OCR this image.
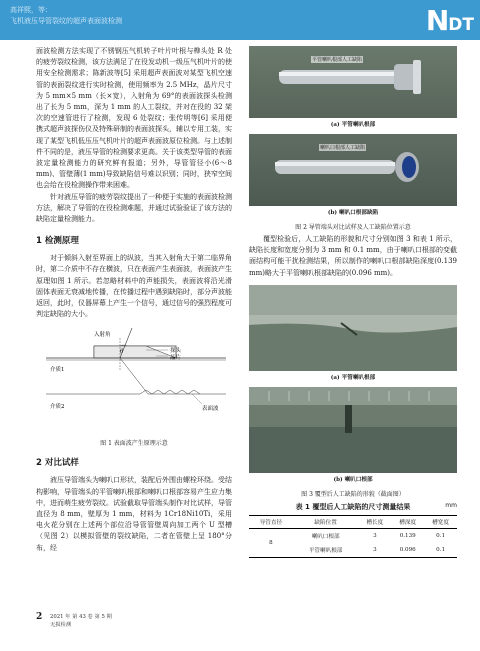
高祥熙，等：
飞机液压导管裂纹的超声表面波检测	N DT

面波检测方法实现了不锈钢压气机转子叶片叶根与榫头处 R 处的疲劳裂纹检测，该方法满足了在役发动机一级压气机叶片的使用安全检测需求；陈新波等[5] 采用超声表面波对某型飞机空速管的表面裂纹进行实时检测，使用频率为 2.5 MHz，晶片尺寸为 5 mm×5 mm（长×宽），入射角为 69°的表面波探头检测出了长为 5 mm，深为 1 mm 的人工裂纹，并对在役的 32 架次的空速管进行了检测，发现 6 处裂纹；张传明等[6] 采用便携式超声波探伤仪及特殊研制的表面波探头，辅以专用工装，实现了某型飞机低压压气机叶片的超声表面波原位检测。与上述制件不同的是，液压导管的检测要求更高。关于该类型导管的表面波定量检测能力的研究鲜有报道；另外，导管管径小(6～8 mm)、管壁薄(1 mm)导致缺陷信号难以识别；同时，狭窄空间也会给在役检测操作带来困难。

针对液压导管的疲劳裂纹提出了一种便于实施的表面波检测方法，解决了导管的在役检测难题，并通过试验验证了该方法的缺陷定量检测能力。

1 检测原理

对于倾斜入射至界面上的纵波，当其入射角大于第二临界角时，第二介质中不存在横波，只在表面产生表面波，表面波产生原理如图 1 所示。若忽略材料中的声能损失，表面波将沿光滑固体表面无衰减地传播，在传播过程中遇到缺陷时，部分声波能返回，此时，仪器屏幕上产生一个信号，通过信号的强烈程度可判定缺陷的大小。

入射角
探头
晶片
θ
介质1
介质2	表面波
图 1 表面波产生原理示意
2 对比试样

液压导管端头为喇叭口形状，装配后外围由螺栓环绕。受结构影响，导管端头的平管喇叭根部和喇叭口根部容易产生应力集中，进而萌生疲劳裂纹。试验截取导管端头制作对比试样，导管直径为 8 mm，壁厚为 1 mm，材料为 1Cr18Ni10Ti，采用电火花分别在上述两个部位沿导管管壁周向加工两个 U 型槽（见图 2）以模拟管壁的裂纹缺陷，二者在管壁上呈 180°分布，经

平管喇叭根部人工缺陷
(a) 平管喇叭根部
喇叭口根部人工缺陷
(b) 喇叭口根部缺陷
图 2 导管端头对比试样及人工缺陷位置示意

覆型检验后，人工缺陷的形貌和尺寸分别如图 3 和表 1 所示，缺陷长度和宽度分别为 3 mm 和 0.1 mm，由于喇叭口根部的变截面结构可能干扰检测结果，所以制作的喇叭口根部缺陷深度(0.139 mm)略大于平管喇叭根部缺陷的(0.096 mm)。

(a) 平管喇叭根部
(b) 喇叭口根部
图 3 覆型后人工缺陷的形貌（截面图）
表 1 覆型后人工缺陷的尺寸测量结果	mm
导管直径	缺陷位置	槽长度	槽深度	槽宽度
8	喇叭口根部	3	0.139	0.1
	平管喇叭根部	3	0.096	0.1
2 2021 年 第 43 卷 第 5 期
无损检测
